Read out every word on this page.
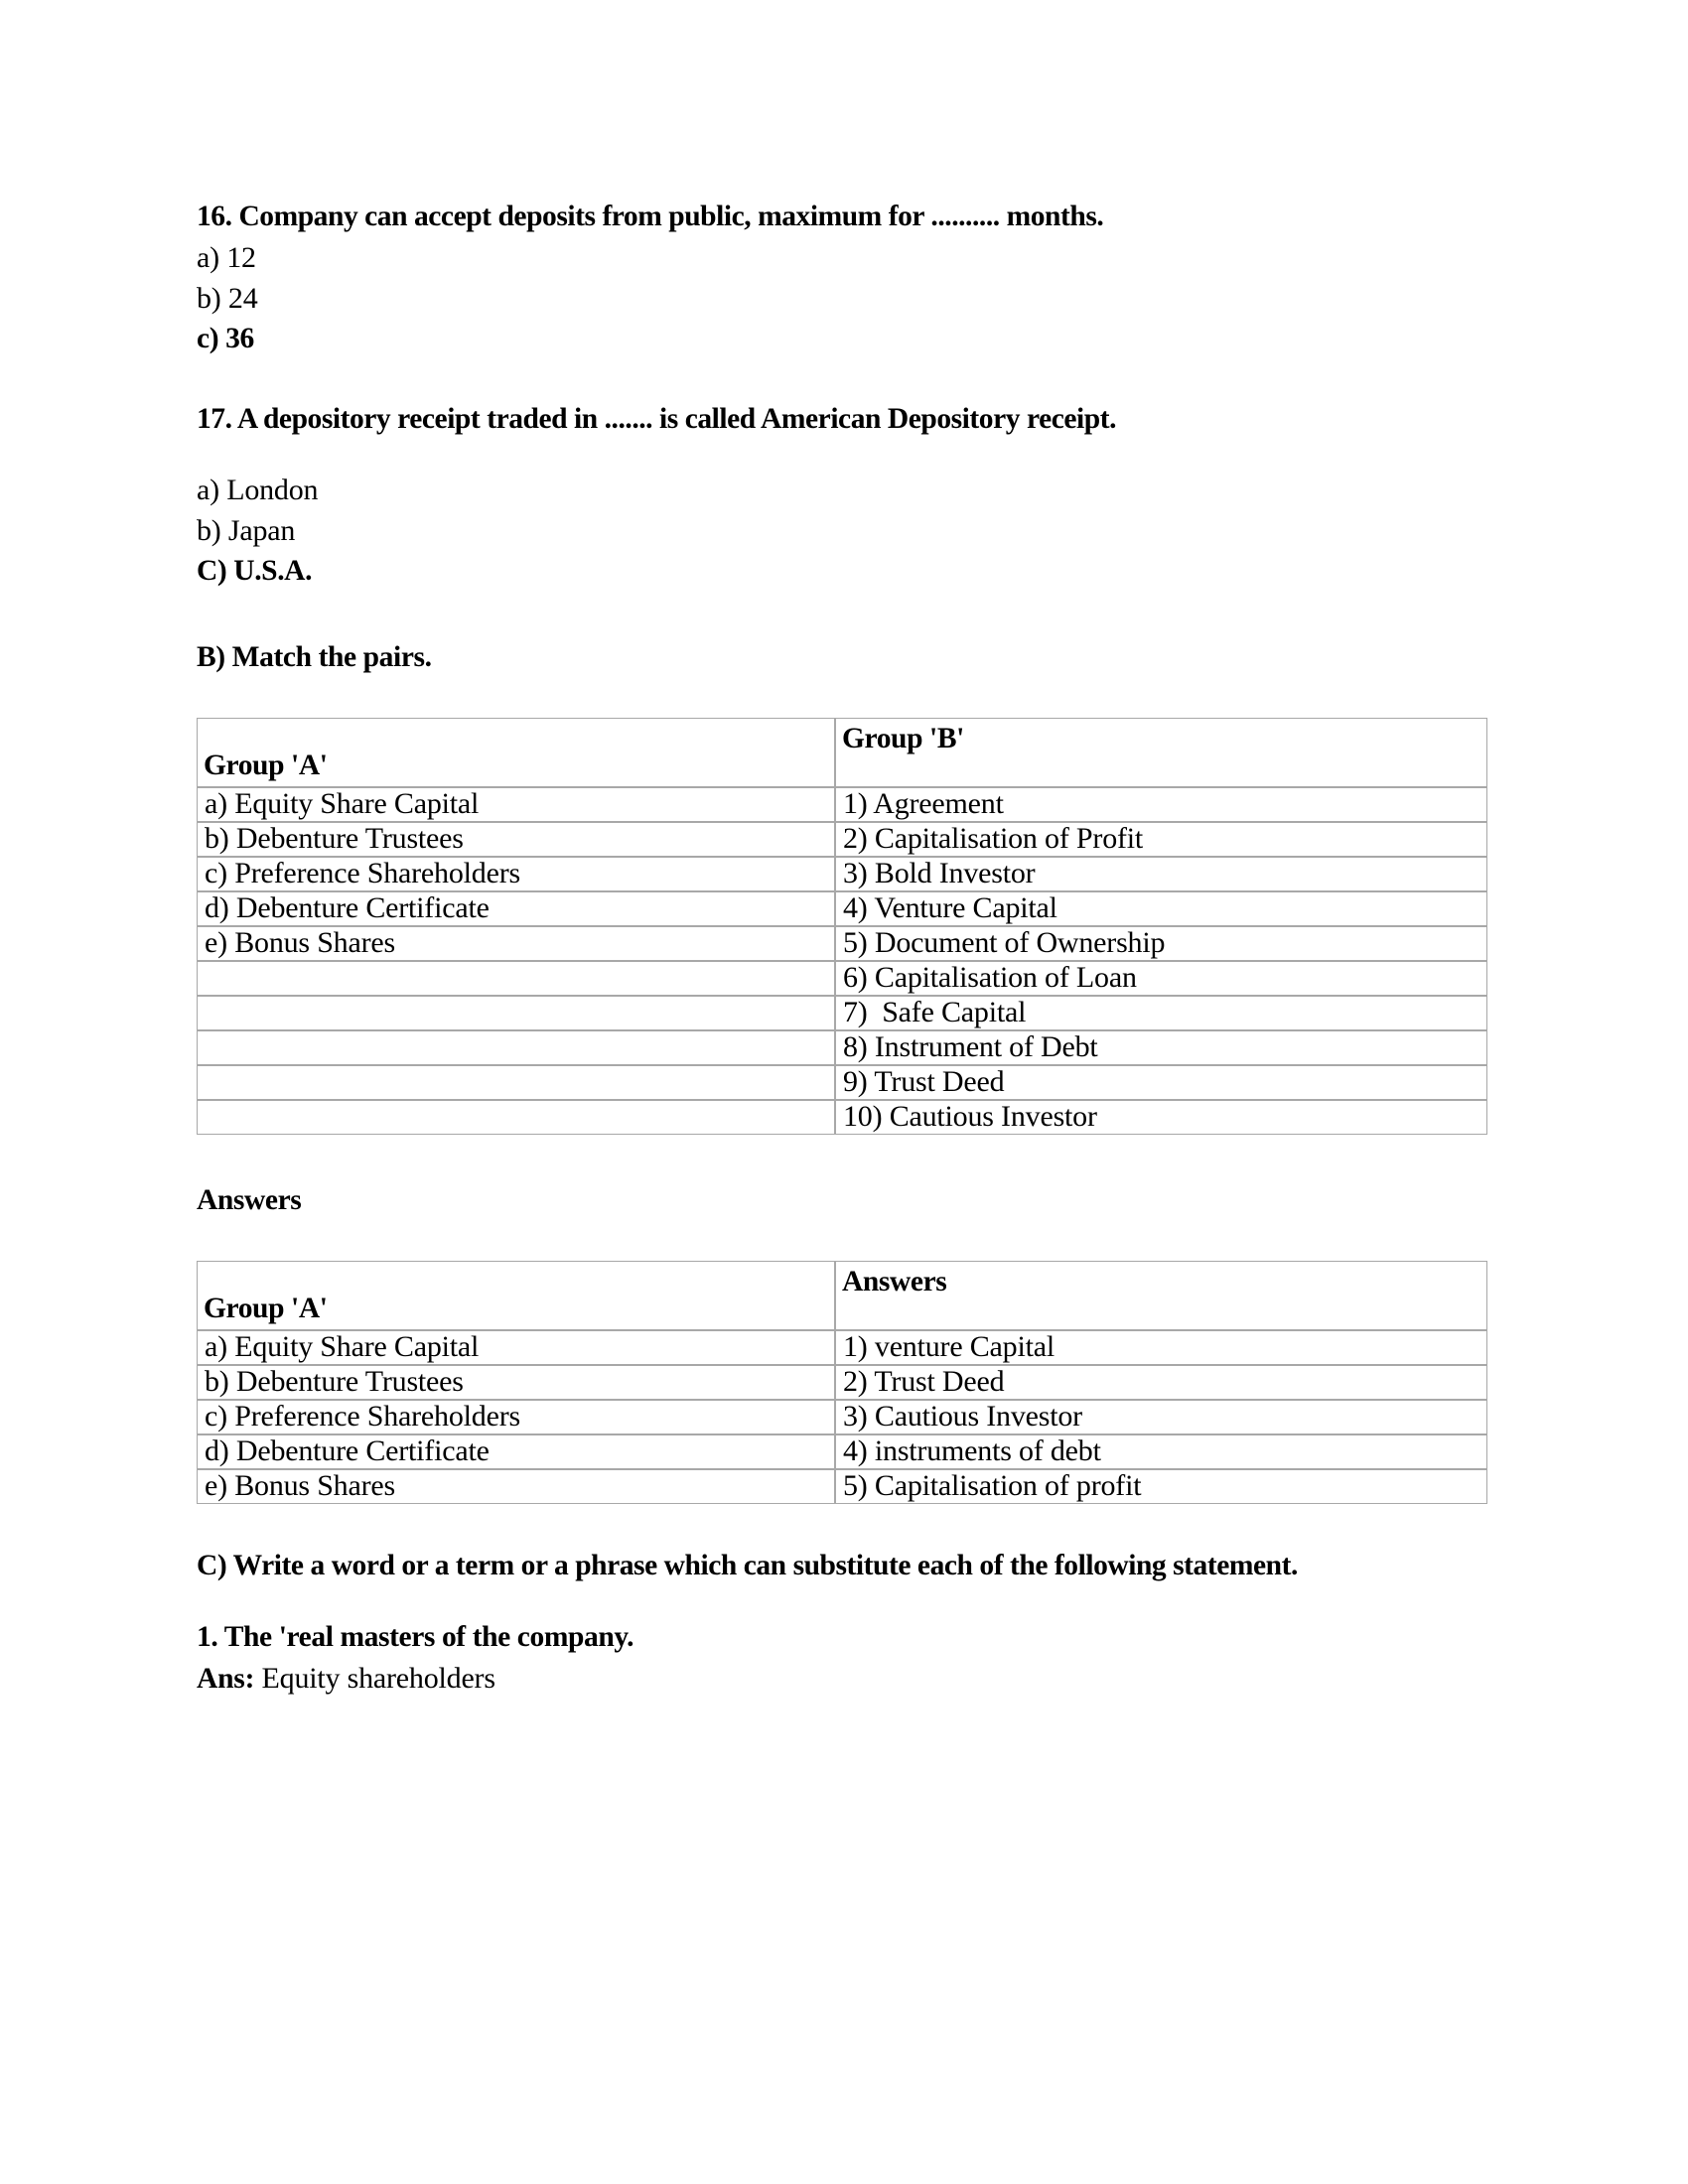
16. Company can accept deposits from public, maximum for .......... months.
a) 12
b) 24
c) 36
17. A depository receipt traded in ....... is called American Depository receipt.
a) London
b) Japan
C) U.S.A.
B) Match the pairs.
Group 'A'	Group 'B'
a) Equity Share Capital	1) Agreement
b) Debenture Trustees	2) Capitalisation of Profit
c) Preference Shareholders	3) Bold Investor
d) Debenture Certificate	4) Venture Capital
e) Bonus Shares	5) Document of Ownership
	6) Capitalisation of Loan
	7)  Safe Capital
	8) Instrument of Debt
	9) Trust Deed
	10) Cautious Investor
Answers
Group 'A'	Answers
a) Equity Share Capital	1) venture Capital
b) Debenture Trustees	2) Trust Deed
c) Preference Shareholders	3) Cautious Investor
d) Debenture Certificate	4) instruments of debt
e) Bonus Shares	5) Capitalisation of profit
C) Write a word or a term or a phrase which can substitute each of the following statement.
1. The 'real masters of the company.
Ans: Equity shareholders
